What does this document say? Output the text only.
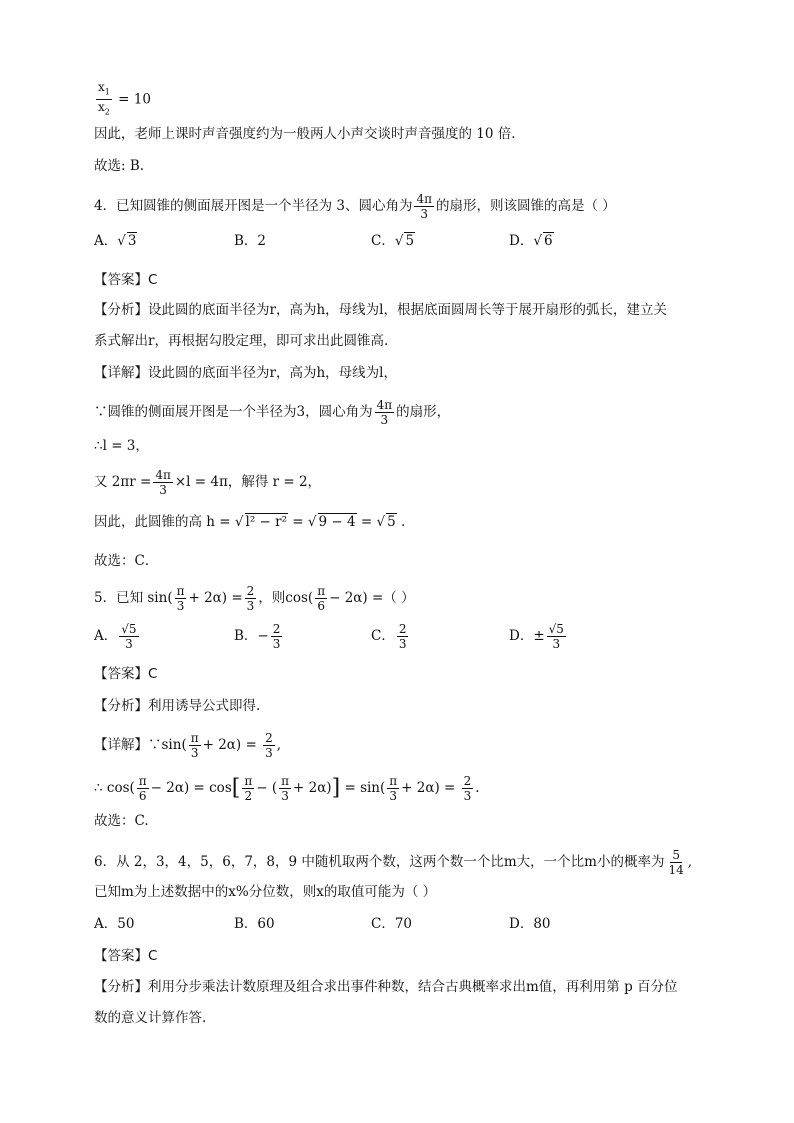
$\frac{x_1}{x_2} = 10$
因此，老师上课时声音强度约为一般两人小声交谈时声音强度的 10 倍.
故选: B.
4．已知圆锥的侧面展开图是一个半径为 3、圆心角为 $\frac{4\pi}{3}$ 的扇形，则该圆锥的高是（ ）
A．√ 3	B．2	C．√ 5	D．√ 6
【答案】C
【分析】设此圆的底面半径为r，高为h，母线为l，根据底面圆周长等于展开扇形的弧长，建立关
系式解出r，再根据勾股定理，即可求出此圆锥高.
【详解】设此圆的底面半径为r，高为h，母线为l，
∵圆锥的侧面展开图是一个半径为3，圆心角为 $\frac{4\pi}{3}$ 的扇形，
∴l = 3，
又 $2\pi r = \frac{4\pi}{3} \times l = 4\pi$，解得 r = 2，
因此，此圆锥的高 h = √ l² − r² = √ 9 − 4 = √ 5 .
故选：C．
5．已知 $\sin( \frac{\pi}{3} + 2\alpha) = \frac{2}{3}$ ，则$\cos( \frac{\pi}{6} - 2\alpha)$ =（ ）
A． $\frac{√5}{3}$	B．− $\frac{2}{3}$	C． $\frac{2}{3}$	D．± $\frac{√5}{3}$
【答案】C
【分析】利用诱导公式即得.
【详解】∵sin( $\frac{\pi}{3} + 2\alpha) = \frac{2}{3}$ ,
∴ $\cos( \frac{\pi}{6} - 2\alpha) = \cos[ \frac{\pi}{2}$ − ( $\frac{\pi}{3} + 2\alpha)] = \sin( \frac{\pi}{3} + 2\alpha) = \frac{2}{3}$ .
故选：C.
6．从 2，3，4，5，6，7，8，9 中随机取两个数，这两个数一个比m大，一个比m小的概率为 $\frac{5}{14}$ ,
已知m为上述数据中的x%分位数，则x的取值可能为（ ）
A．50	B．60	C．70	D．80
【答案】C
【分析】利用分步乘法计数原理及组合求出事件种数，结合古典概率求出m值，再利用第 p 百分位
数的意义计算作答.
